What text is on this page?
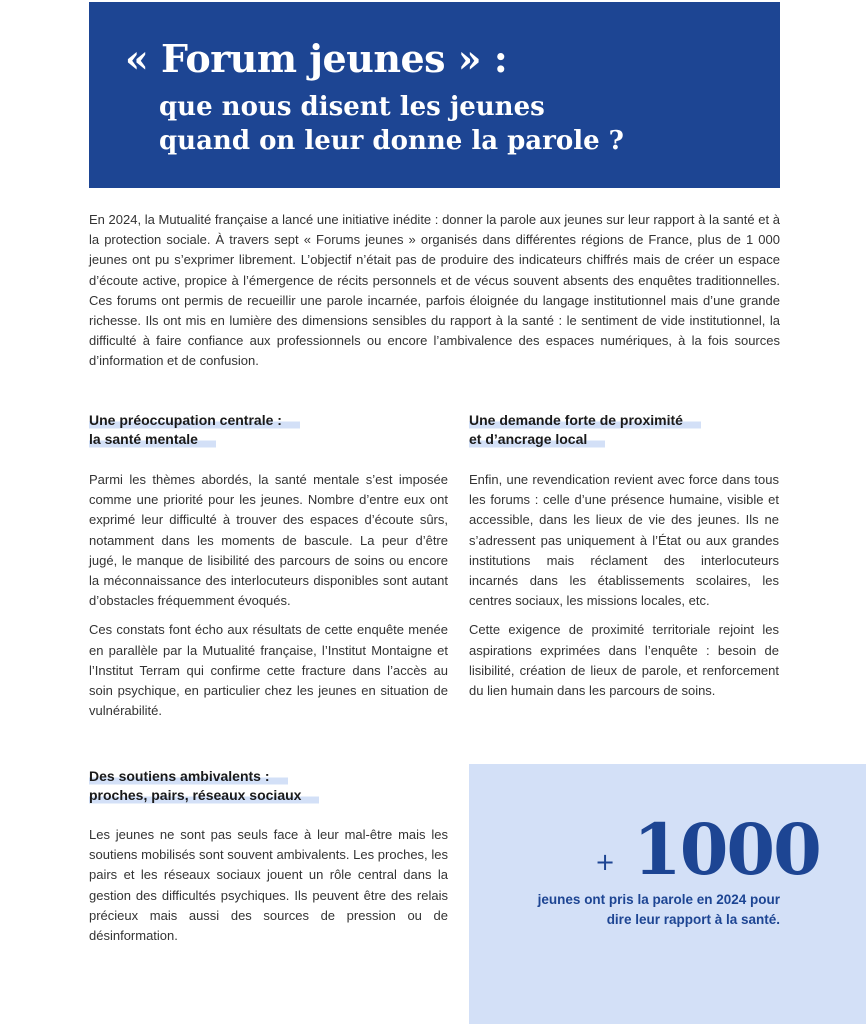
« Forum jeunes » :
que nous disent les jeunes
quand on leur donne la parole ?

En 2024, la Mutualité française a lancé une initiative inédite : donner la parole aux jeunes sur leur rapport à la santé et à la protection sociale. À travers sept « Forums jeunes » organisés dans différentes régions de France, plus de 1 000 jeunes ont pu s’exprimer librement. L’objectif n’était pas de produire des indicateurs chiffrés mais de créer un espace d’écoute active, propice à l’émergence de récits personnels et de vécus souvent absents des enquêtes traditionnelles. Ces forums ont permis de recueillir une parole incarnée, parfois éloignée du langage institutionnel mais d’une grande richesse. Ils ont mis en lumière des dimensions sensibles du rapport à la santé : le sentiment de vide institutionnel, la difficulté à faire confiance aux professionnels ou encore l’ambivalence des espaces numériques, à la fois sources d’information et de confusion.

Une préoccupation centrale :
la santé mentale

Parmi les thèmes abordés, la santé mentale s’est imposée comme une priorité pour les jeunes. Nombre d’entre eux ont exprimé leur difficulté à trouver des espaces d’écoute sûrs, notamment dans les moments de bascule. La peur d’être jugé, le manque de lisibilité des parcours de soins ou encore la méconnaissance des interlocuteurs disponibles sont autant d’obstacles fréquemment évoqués.

Ces constats font écho aux résultats de cette enquête menée en parallèle par la Mutualité française, l’Institut Montaigne et l’Institut Terram qui confirme cette fracture dans l’accès au soin psychique, en particulier chez les jeunes en situation de vulnérabilité.

Une demande forte de proximité
et d’ancrage local

Enfin, une revendication revient avec force dans tous les forums : celle d’une présence humaine, visible et accessible, dans les lieux de vie des jeunes. Ils ne s’adressent pas uniquement à l’État ou aux grandes institutions mais réclament des interlocuteurs incarnés dans les établissements scolaires, les centres sociaux, les missions locales, etc.

Cette exigence de proximité territoriale rejoint les aspirations exprimées dans l’enquête : besoin de lisibilité, création de lieux de parole, et renforcement du lien humain dans les parcours de soins.

Des soutiens ambivalents :
proches, pairs, réseaux sociaux

Les jeunes ne sont pas seuls face à leur mal-être mais les soutiens mobilisés sont souvent ambivalents. Les proches, les pairs et les réseaux sociaux jouent un rôle central dans la gestion des difficultés psychiques. Ils peuvent être des relais précieux mais aussi des sources de pression ou de désinformation.

+ 1000
jeunes ont pris la parole en 2024 pour
dire leur rapport à la santé.
